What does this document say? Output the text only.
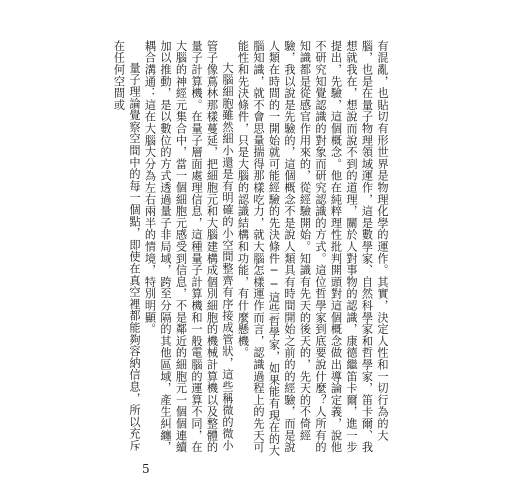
有混亂，也貼切有形世界是物理化學的運作。其實，決定人性和一切行為的大腦，也是在量子物理領域運作，這是數學家、自然科學家和哲學家，笛卡爾、我想就我在，想說而說不到的道理，關於人對事物的認識，康德繼笛卡爾，進一步提出，先驗，這個概念。他在純粹理性批判開頭對這個概念做出導論定義，說他不研究知覺認識的對象而研究認識的方式。這位哲學家到底要說什麼？人所有的知識都是從感官作用來的，從經驗開始。知識有先天的後天的，先天的不倚經驗，我以說是先驗的，這個概念不是說人類具有時間開始之前的的經驗，而是說人類在時間的一開始就可能經驗的先決條件──這些哲學家，如果能有現在的大腦知識，就不會思量揣得那樣吃力，就大腦怎樣運作而言，認識過程上的先天可能性和先決條件，只是大腦的認識結構和功能，有什麼懸機。

大腦細胞雖然細小還是有明確的小空間整齊有序接成管狀，這些稱微的微小管子像蔦林那樣蔓延，把細胞元和大腦建構成個別細胞的機械計算機以及整體的量子計算機。在量子層面處理信息，這種量子計算機和一般電腦的運算不同，在大腦的神經元集合中，當一個細胞元感受到信息，不是鄰近的細胞元一個個連續加以推動，是以數位的方式透過量子非局域，跨至分隔的其他區域，產生糾纏，耦合溝通：這在大腦大分為左右兩半的情境，特別明顯。

量子理論覺察空間中的每一個點，即使在真空裡都能夠容納信息，所以充斥在任何空間或

5
